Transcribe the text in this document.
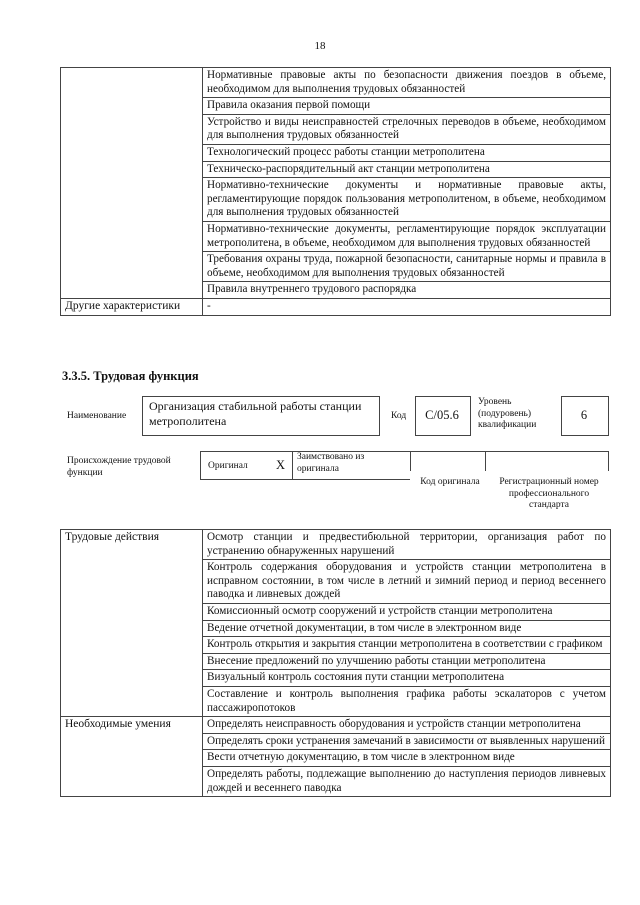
18
	Нормативные правовые акты по безопасности движения поездов в объеме, необходимом для выполнения трудовых обязанностей
	Правила оказания первой помощи
	Устройство и виды неисправностей стрелочных переводов в объеме, необходимом для выполнения трудовых обязанностей
	Технологический процесс работы станции метрополитена
	Техническо-распорядительный акт станции метрополитена
	Нормативно-технические документы и нормативные правовые акты, регламентирующие порядок пользования метрополитеном, в объеме, необходимом для выполнения трудовых обязанностей
	Нормативно-технические документы, регламентирующие порядок эксплуатации метрополитена, в объеме, необходимом для выполнения трудовых обязанностей
	Требования охраны труда, пожарной безопасности, санитарные нормы и правила в объеме, необходимом для выполнения трудовых обязанностей
	Правила внутреннего трудового распорядка
Другие характеристики	-
3.3.5. Трудовая функция
Наименование
Организация стабильной работы станции метрополитена	Код	C/05.6
Уровень (подуровень) квалификации
6
Происхождение трудовой функции
Оригинал X
Заимствовано из оригинала
Код оригинала	Регистрационный номер профессионального стандарта
Трудовые действия	Осмотр станции и предвестибюльной территории, организация работ по устранению обнаруженных нарушений
	Контроль содержания оборудования и устройств станции метрополитена в исправном состоянии, в том числе в летний и зимний период и период весеннего паводка и ливневых дождей
	Комиссионный осмотр сооружений и устройств станции метрополитена
	Ведение отчетной документации, в том числе в электронном виде
	Контроль открытия и закрытия станции метрополитена в соответствии с графиком
	Внесение предложений по улучшению работы станции метрополитена
	Визуальный контроль состояния пути станции метрополитена
	Составление и контроль выполнения графика работы эскалаторов с учетом пассажиропотоков
Необходимые умения	Определять неисправность оборудования и устройств станции метрополитена
	Определять сроки устранения замечаний в зависимости от выявленных нарушений
	Вести отчетную документацию, в том числе в электронном виде
	Определять работы, подлежащие выполнению до наступления периодов ливневых дождей и весеннего паводка
